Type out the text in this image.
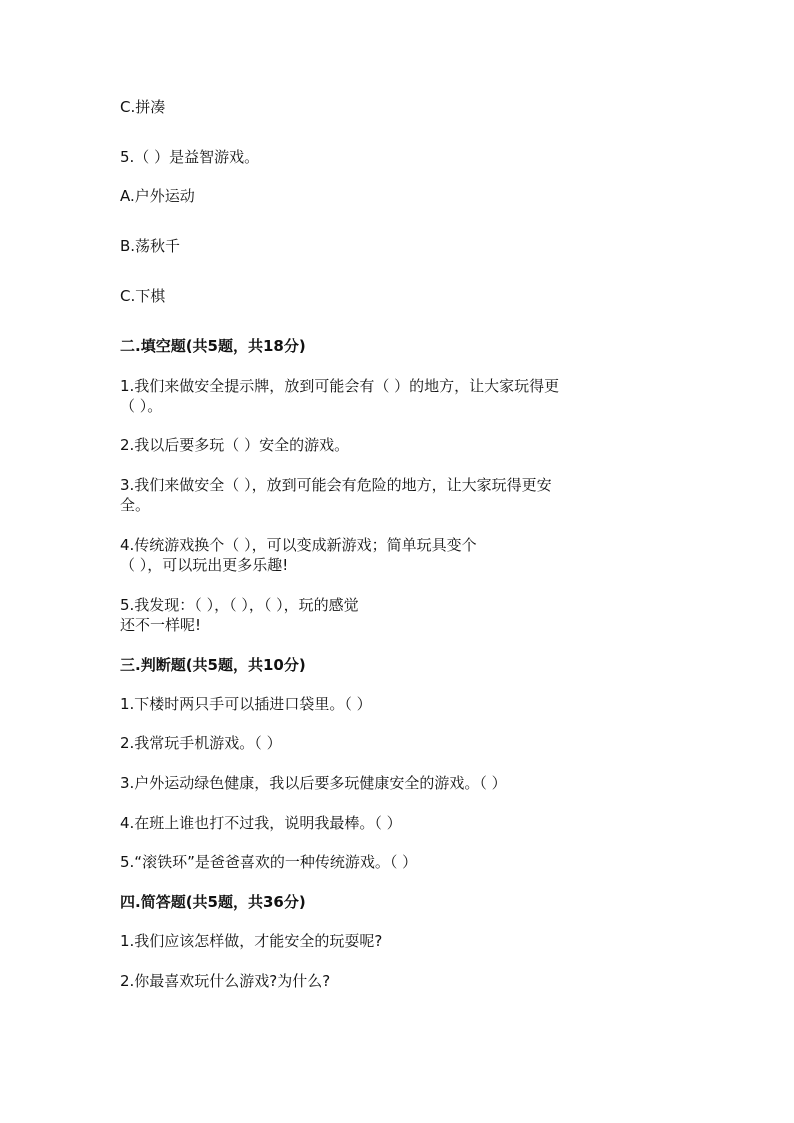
C.拼凑
5.（ ）是益智游戏。
A.户外运动
B.荡秋千
C.下棋
二.填空题(共5题，共18分)
1.我们来做安全提示牌，放到可能会有（ ）的地方，让大家玩得更
（ ）。
2.我以后要多玩（ ）安全的游戏。
3.我们来做安全（ ），放到可能会有危险的地方，让大家玩得更安
全。
4.传统游戏换个（ ），可以变成新游戏；简单玩具变个
（ ），可以玩出更多乐趣!
5.我发现：（ ），（ ），（ ），玩的感觉
还不一样呢!
三.判断题(共5题，共10分)
1.下楼时两只手可以插进口袋里。（ ）
2.我常玩手机游戏。（ ）
3.户外运动绿色健康，我以后要多玩健康安全的游戏。（ ）
4.在班上谁也打不过我，说明我最棒。（ ）
5.“滚铁环”是爸爸喜欢的一种传统游戏。（ ）
四.简答题(共5题，共36分)
1.我们应该怎样做，才能安全的玩耍呢?
2.你最喜欢玩什么游戏?为什么?
